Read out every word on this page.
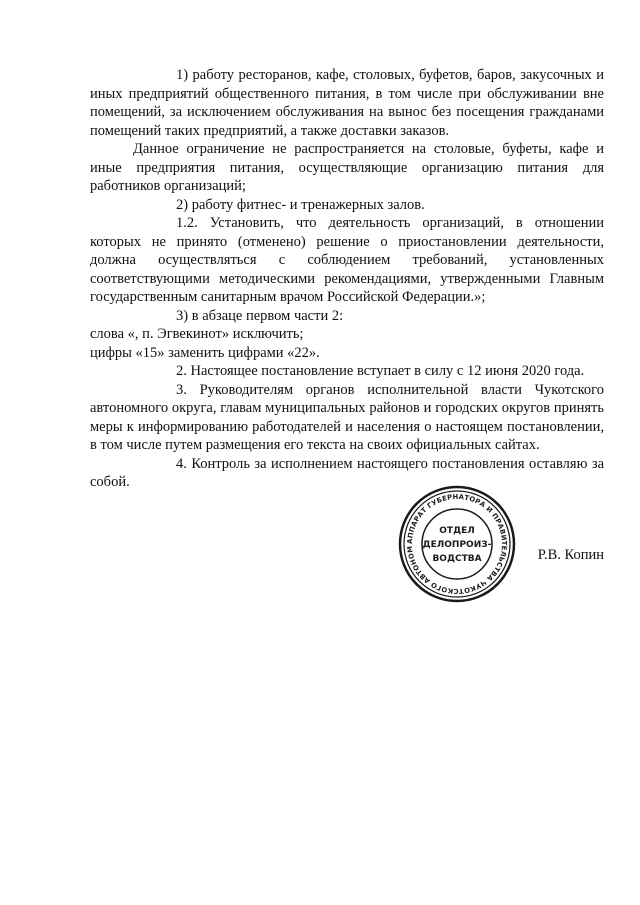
1) работу ресторанов, кафе, столовых, буфетов, баров, закусочных и иных предприятий общественного питания, в том числе при обслуживании вне помещений, за исключением обслуживания на вынос без посещения гражданами помещений таких предприятий, а также доставки заказов.

Данное ограничение не распространяется на столовые, буфеты, кафе и иные предприятия питания, осуществляющие организацию питания для работников организаций;

2) работу фитнес- и тренажерных залов.

1.2. Установить, что деятельность организаций, в отношении которых не принято (отменено) решение о приостановлении деятельности, должна осуществляться с соблюдением требований, установленных соответствующими методическими рекомендациями, утвержденными Главным государственным санитарным врачом Российской Федерации.»;

3) в абзаце первом части 2:

слова «, п. Эгвекинот» исключить;

цифры «15» заменить цифрами «22».

2. Настоящее постановление вступает в силу с 12 июня 2020 года.

3. Руководителям органов исполнительной власти Чукотского автономного округа, главам муниципальных районов и городских округов принять меры к информированию работодателей и населения о настоящем постановлении, в том числе путем размещения его текста на своих официальных сайтах.

4. Контроль за исполнением настоящего постановления оставляю за собой.

АППАРАТ ГУБЕРНАТОРА И ПРАВИТЕЛЬСТВА ЧУКОТСКОГО АВТОНОМ
ОТДЕЛ
ДЕЛОПРОИЗ-
ВОДСТВА	Р.В. Копин
